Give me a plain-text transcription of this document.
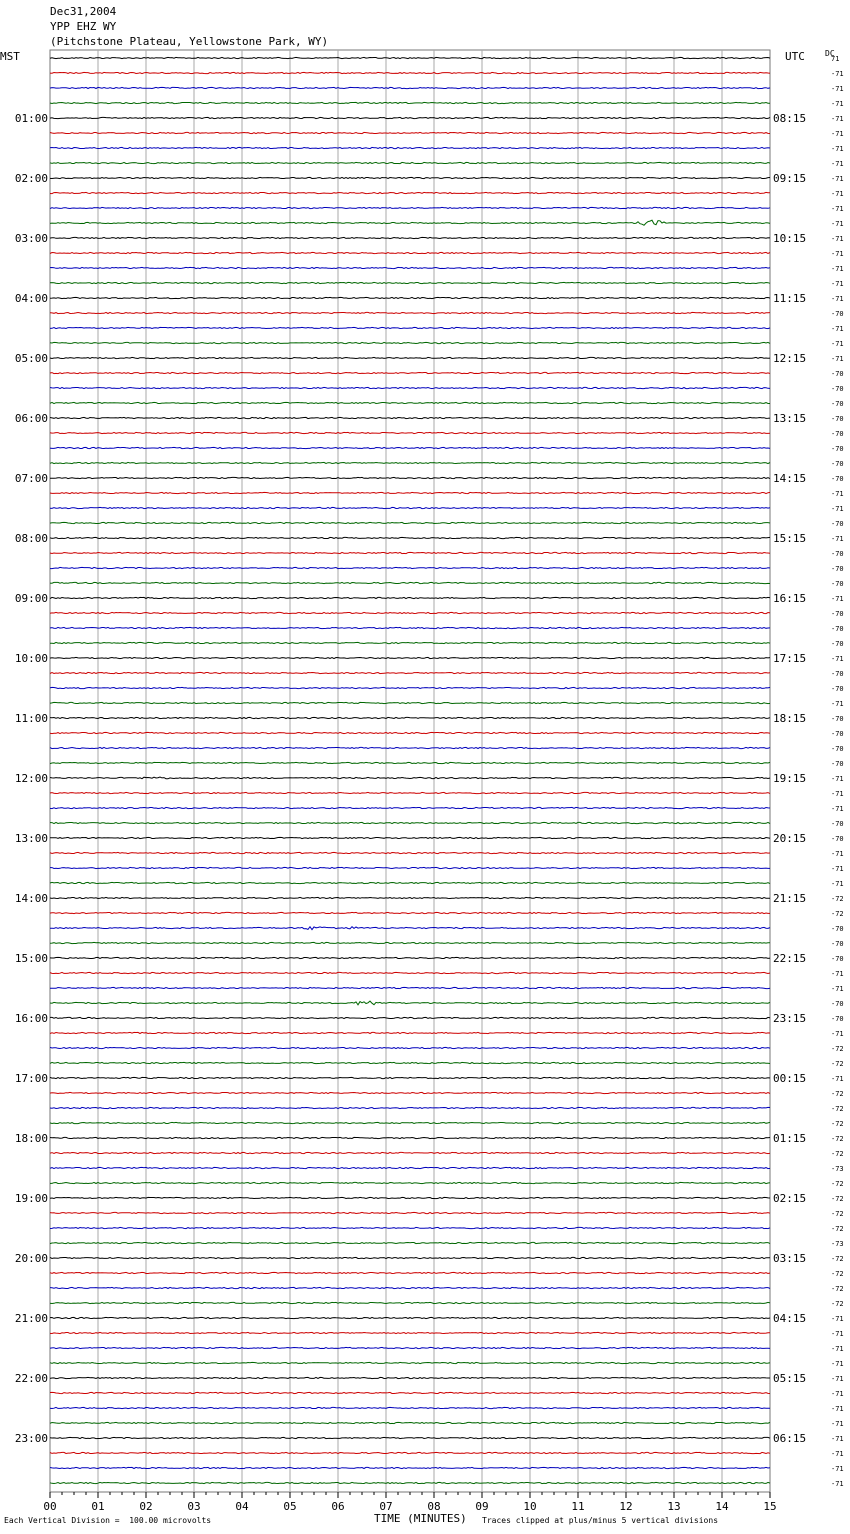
71
-71
-71
-71
-71
-71
-71
-71
-71
-71
-71
-71
-71
-71
-71
-71
-71
-70
-71
-71
-71
-70
-70
-70
-70
-70
-70
-70
-70
-71
-71
-70
-71
-70
-70
-70
-71
-70
-70
-70
-71
-70
-70
-71
-70
-70
-70
-70
-71
-71
-71
-70
-70
-71
-71
-71
-72
-72
-70
-70
-70
-71
-71
-70
-70
-71
-72
-72
-71
-72
-72
-72
-72
-72
-73
-72
-72
-72
-72
-73
-72
-72
-72
-72
-71
-71
-71
-71
-71
-71
-71
-71
-71
-71
-71
-71
01:00	08:15
02:00	09:15
03:00	10:15
04:00	11:15
05:00	12:15
06:00	13:15
07:00	14:15
08:00	15:15
09:00	16:15
10:00	17:15
11:00	18:15
12:00	19:15
13:00	20:15
14:00	21:15
15:00	22:15
16:00	23:15
17:00	00:15
18:00	01:15
19:00	02:15
20:00	03:15
21:00	04:15
22:00	05:15
23:00	06:15
00	01	02	03	04	05	06	07	08	09	10	11	12	13	14	15
Dec31,2004
YPP EHZ WY
(Pitchstone Plateau, Yellowstone Park, WY)
MST	UTC	DC
Each Vertical Division =  100.00 microvolts	TIME (MINUTES) Traces clipped at plus/minus 5 vertical divisions
